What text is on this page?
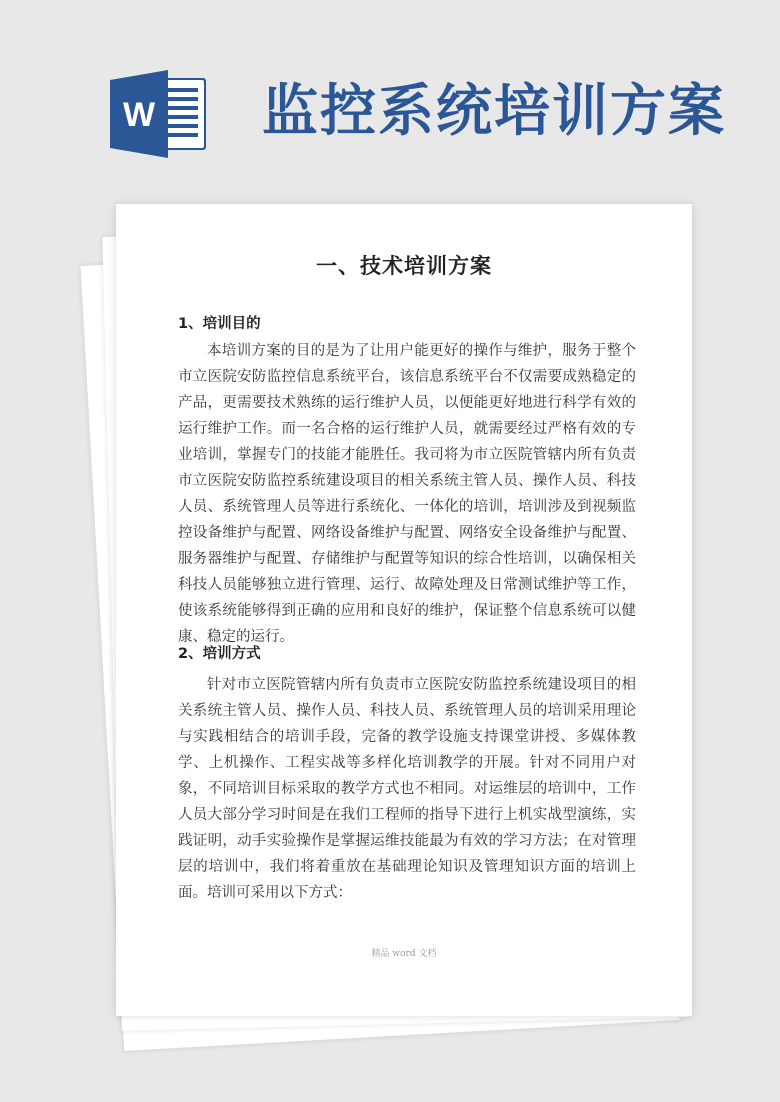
W 监控系统培训方案
一、技术培训方案
1、培训目的

本培训方案的目的是为了让用户能更好的操作与维护，服务于整个市立医院安防监控信息系统平台，该信息系统平台不仅需要成熟稳定的产品，更需要技术熟练的运行维护人员，以便能更好地进行科学有效的运行维护工作。而一名合格的运行维护人员，就需要经过严格有效的专业培训，掌握专门的技能才能胜任。我司将为市立医院管辖内所有负责市立医院安防监控系统建设项目的相关系统主管人员、操作人员、科技人员、系统管理人员等进行系统化、一体化的培训，培训涉及到视频监控设备维护与配置、网络设备维护与配置、网络安全设备维护与配置、服务器维护与配置、存储维护与配置等知识的综合性培训，以确保相关科技人员能够独立进行管理、运行、故障处理及日常测试维护等工作，使该系统能够得到正确的应用和良好的维护，保证整个信息系统可以健康、稳定的运行。

2、培训方式

针对市立医院管辖内所有负责市立医院安防监控系统建设项目的相关系统主管人员、操作人员、科技人员、系统管理人员的培训采用理论与实践相结合的培训手段，完备的教学设施支持课堂讲授、多媒体教学、上机操作、工程实战等多样化培训教学的开展。针对不同用户对象，不同培训目标采取的教学方式也不相同。对运维层的培训中，工作人员大部分学习时间是在我们工程师的指导下进行上机实战型演练，实践证明，动手实验操作是掌握运维技能最为有效的学习方法；在对管理层的培训中，我们将着重放在基础理论知识及管理知识方面的培训上面。 培训可采用以下方式：

精品 word 文档
